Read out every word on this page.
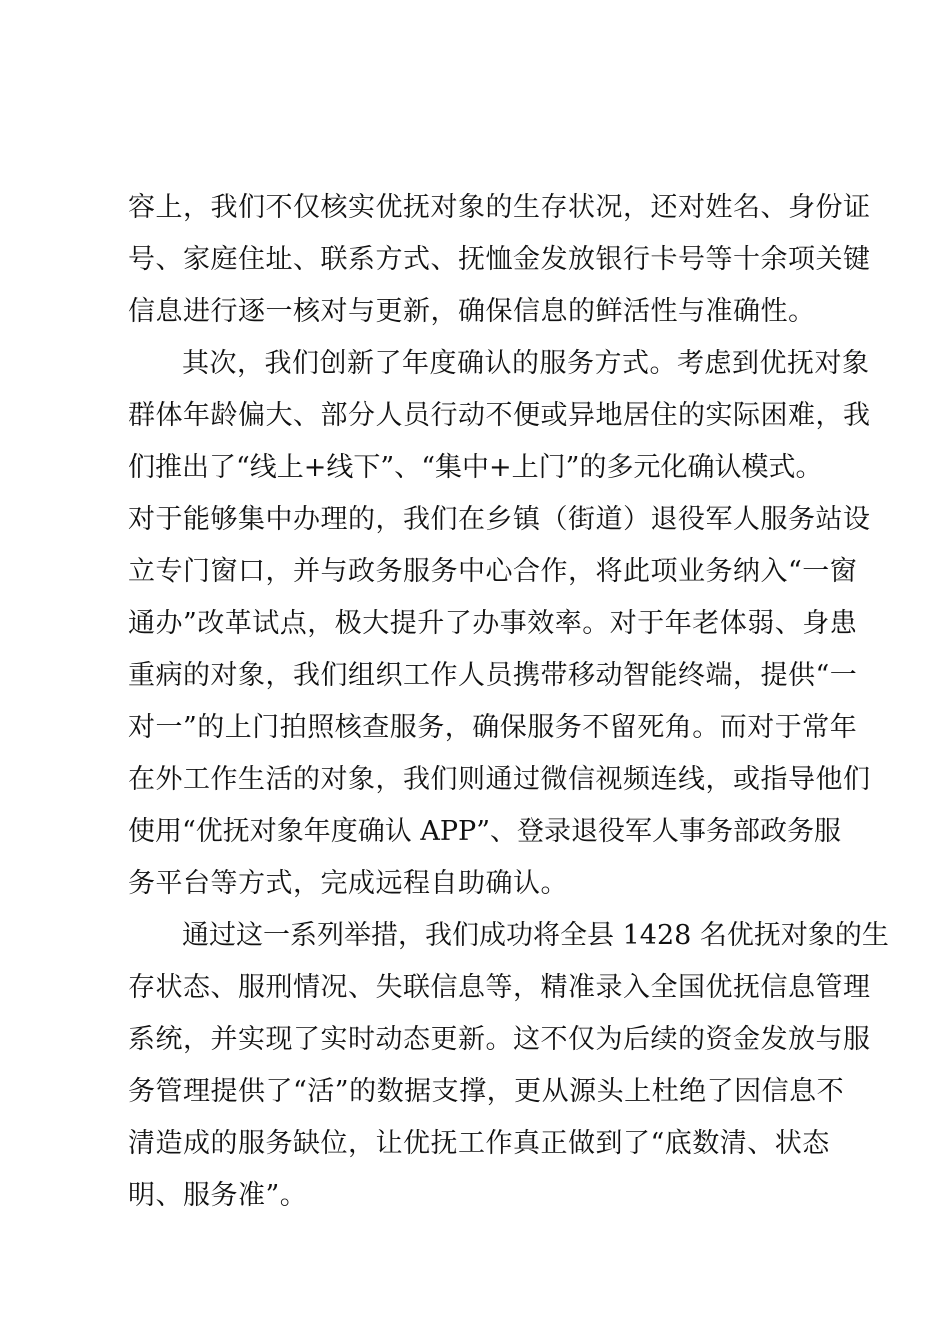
容上，我们不仅核实优抚对象的生存状况，还对姓名、身份证
号、家庭住址、联系方式、抚恤金发放银行卡号等十余项关键
信息进行逐一核对与更新，确保信息的鲜活性与准确性。
其次，我们创新了年度确认的服务方式。考虑到优抚对象
群体年龄偏大、部分人员行动不便或异地居住的实际困难，我
们推出了“线上+线下”、“集中+上门”的多元化确认模式。
对于能够集中办理的，我们在乡镇（街道）退役军人服务站设
立专门窗口，并与政务服务中心合作，将此项业务纳入“一窗
通办”改革试点，极大提升了办事效率。对于年老体弱、身患
重病的对象，我们组织工作人员携带移动智能终端，提供“一
对一”的上门拍照核查服务，确保服务不留死角。而对于常年
在外工作生活的对象，我们则通过微信视频连线，或指导他们
使用“优抚对象年度确认 APP”、登录退役军人事务部政务服
务平台等方式，完成远程自助确认。
通过这一系列举措，我们成功将全县 1428 名优抚对象的生
存状态、服刑情况、失联信息等，精准录入全国优抚信息管理
系统，并实现了实时动态更新。这不仅为后续的资金发放与服
务管理提供了“活”的数据支撑，更从源头上杜绝了因信息不
清造成的服务缺位，让优抚工作真正做到了“底数清、状态
明、服务准”。
